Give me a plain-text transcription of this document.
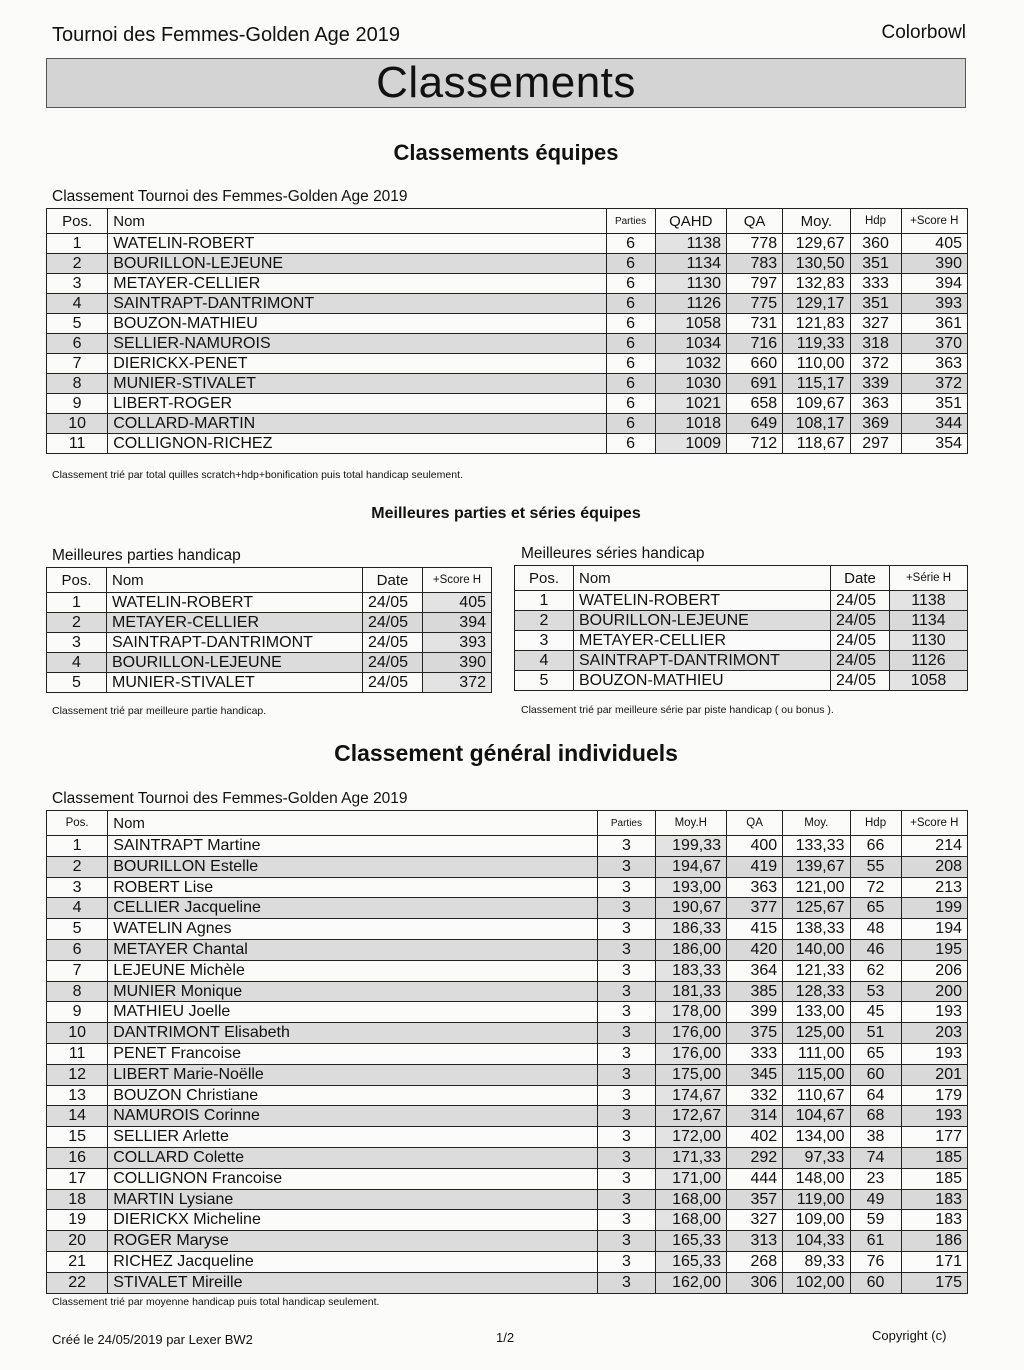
Tournoi des Femmes-Golden Age 2019	Colorbowl
Classements
Classements équipes
Classement Tournoi des Femmes-Golden Age 2019
Pos.	Nom	Parties	QAHD	QA	Moy.	Hdp	+Score H
1	WATELIN-ROBERT	6	1138	778	129,67	360	405
2	BOURILLON-LEJEUNE	6	1134	783	130,50	351	390
3	METAYER-CELLIER	6	1130	797	132,83	333	394
4	SAINTRAPT-DANTRIMONT	6	1126	775	129,17	351	393
5	BOUZON-MATHIEU	6	1058	731	121,83	327	361
6	SELLIER-NAMUROIS	6	1034	716	119,33	318	370
7	DIERICKX-PENET	6	1032	660	110,00	372	363
8	MUNIER-STIVALET	6	1030	691	115,17	339	372
9	LIBERT-ROGER	6	1021	658	109,67	363	351
10	COLLARD-MARTIN	6	1018	649	108,17	369	344
11	COLLIGNON-RICHEZ	6	1009	712	118,67	297	354
Classement trié par total quilles scratch+hdp+bonification puis total handicap seulement.
Meilleures parties et séries équipes
Meilleures parties handicap
Pos.	Nom	Date	+Score H
1	WATELIN-ROBERT	24/05	405
2	METAYER-CELLIER	24/05	394
3	SAINTRAPT-DANTRIMONT	24/05	393
4	BOURILLON-LEJEUNE	24/05	390
5	MUNIER-STIVALET	24/05	372
Classement trié par meilleure partie handicap.
Meilleures séries handicap
Pos.	Nom	Date	+Série H
1	WATELIN-ROBERT	24/05	1138
2	BOURILLON-LEJEUNE	24/05	1134
3	METAYER-CELLIER	24/05	1130
4	SAINTRAPT-DANTRIMONT	24/05	1126
5	BOUZON-MATHIEU	24/05	1058
Classement trié par meilleure série par piste handicap ( ou bonus ).
Classement général individuels
Classement Tournoi des Femmes-Golden Age 2019
Pos.	Nom	Parties	Moy.H	QA	Moy.	Hdp	+Score H
1	SAINTRAPT Martine	3	199,33	400	133,33	66	214
2	BOURILLON Estelle	3	194,67	419	139,67	55	208
3	ROBERT Lise	3	193,00	363	121,00	72	213
4	CELLIER Jacqueline	3	190,67	377	125,67	65	199
5	WATELIN Agnes	3	186,33	415	138,33	48	194
6	METAYER Chantal	3	186,00	420	140,00	46	195
7	LEJEUNE Michèle	3	183,33	364	121,33	62	206
8	MUNIER Monique	3	181,33	385	128,33	53	200
9	MATHIEU Joelle	3	178,00	399	133,00	45	193
10	DANTRIMONT Elisabeth	3	176,00	375	125,00	51	203
11	PENET Francoise	3	176,00	333	111,00	65	193
12	LIBERT Marie-Noëlle	3	175,00	345	115,00	60	201
13	BOUZON Christiane	3	174,67	332	110,67	64	179
14	NAMUROIS Corinne	3	172,67	314	104,67	68	193
15	SELLIER Arlette	3	172,00	402	134,00	38	177
16	COLLARD Colette	3	171,33	292	97,33	74	185
17	COLLIGNON Francoise	3	171,00	444	148,00	23	185
18	MARTIN Lysiane	3	168,00	357	119,00	49	183
19	DIERICKX Micheline	3	168,00	327	109,00	59	183
20	ROGER Maryse	3	165,33	313	104,33	61	186
21	RICHEZ Jacqueline	3	165,33	268	89,33	76	171
22	STIVALET Mireille	3	162,00	306	102,00	60	175
Classement trié par moyenne handicap puis total handicap seulement.
Créé le 24/05/2019 par Lexer BW2	1/2	Copyright (c)
